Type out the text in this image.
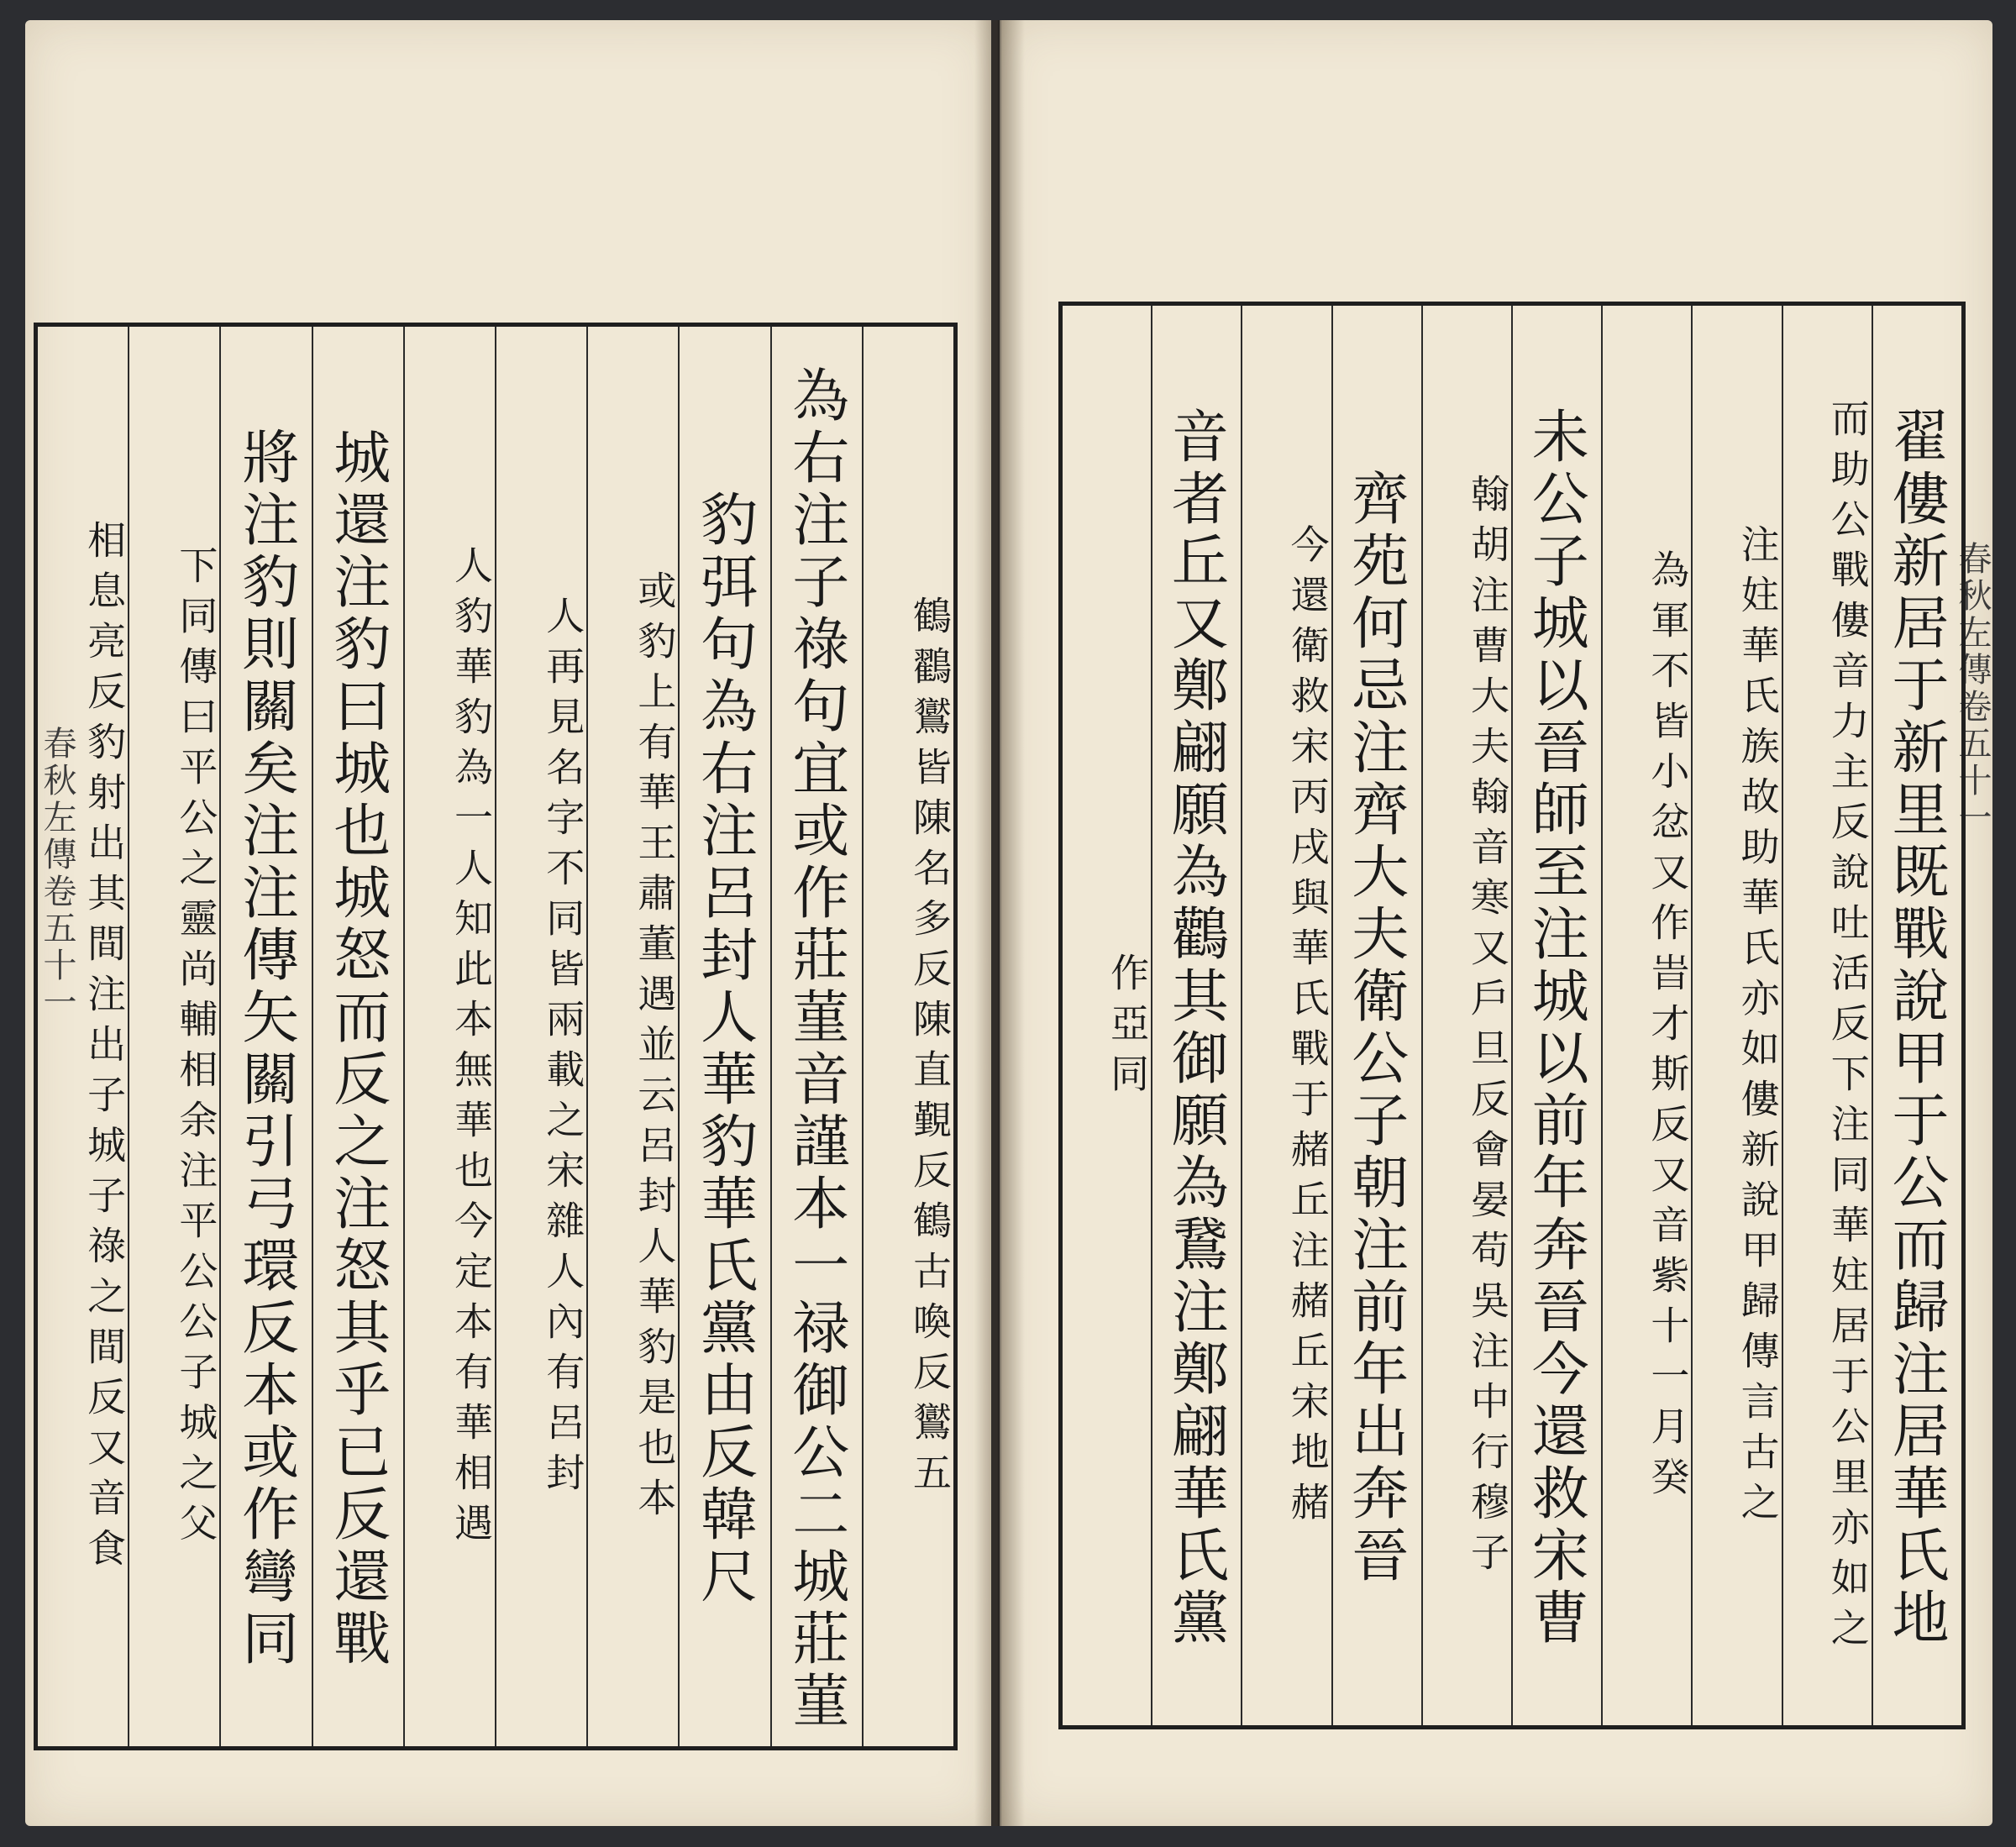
春秋左傳卷五十一	鶴鸐鸑皆陳名多反陳直覲反鶴古喚反鸑五
為右注子祿句宜或作莊菫音謹本一禄御公二城莊菫
豹弭句為右注呂封人華豹華氏黨由反韓尺
或豹上有華王肅董遇並云呂封人華豹是也本
人再見名字不同皆兩載之宋雜人內有呂封
人豹華豹為一人知此本無華也今定本有華相遇
城還注豹曰城也城怒而反之注怒其乎已反還戰
將注豹則關矣注注傳矢關引弓環反本或作彎同
下同傳曰平公之靈尚輔相余注平公公子城之父
相息亮反豹射出其間注出子城子祿之間反又音食	春秋左傳卷五十一
翟僂新居于新里既戰說甲于公而歸注居華氏地
而助公戰僂音力主反說吐活反下注同華妵居于公里亦如之
注妵華氏族故助華氏亦如僂新說甲歸傳言古之
為軍不皆小忿又作旹才斯反又音紫十一月癸
未公子城以晉師至注城以前年奔晉今還救宋曹
翰胡注曹大夫翰音寒又戶旦反會晏苟吳注中行穆子
齊苑何忌注齊大夫衛公子朝注前年出奔晉
今還衛救宋丙戌與華氏戰于赭丘注赭丘宋地赭
音者丘又鄭翩願為鸛其御願為鵞注鄭翩華氏黨
作亞同
